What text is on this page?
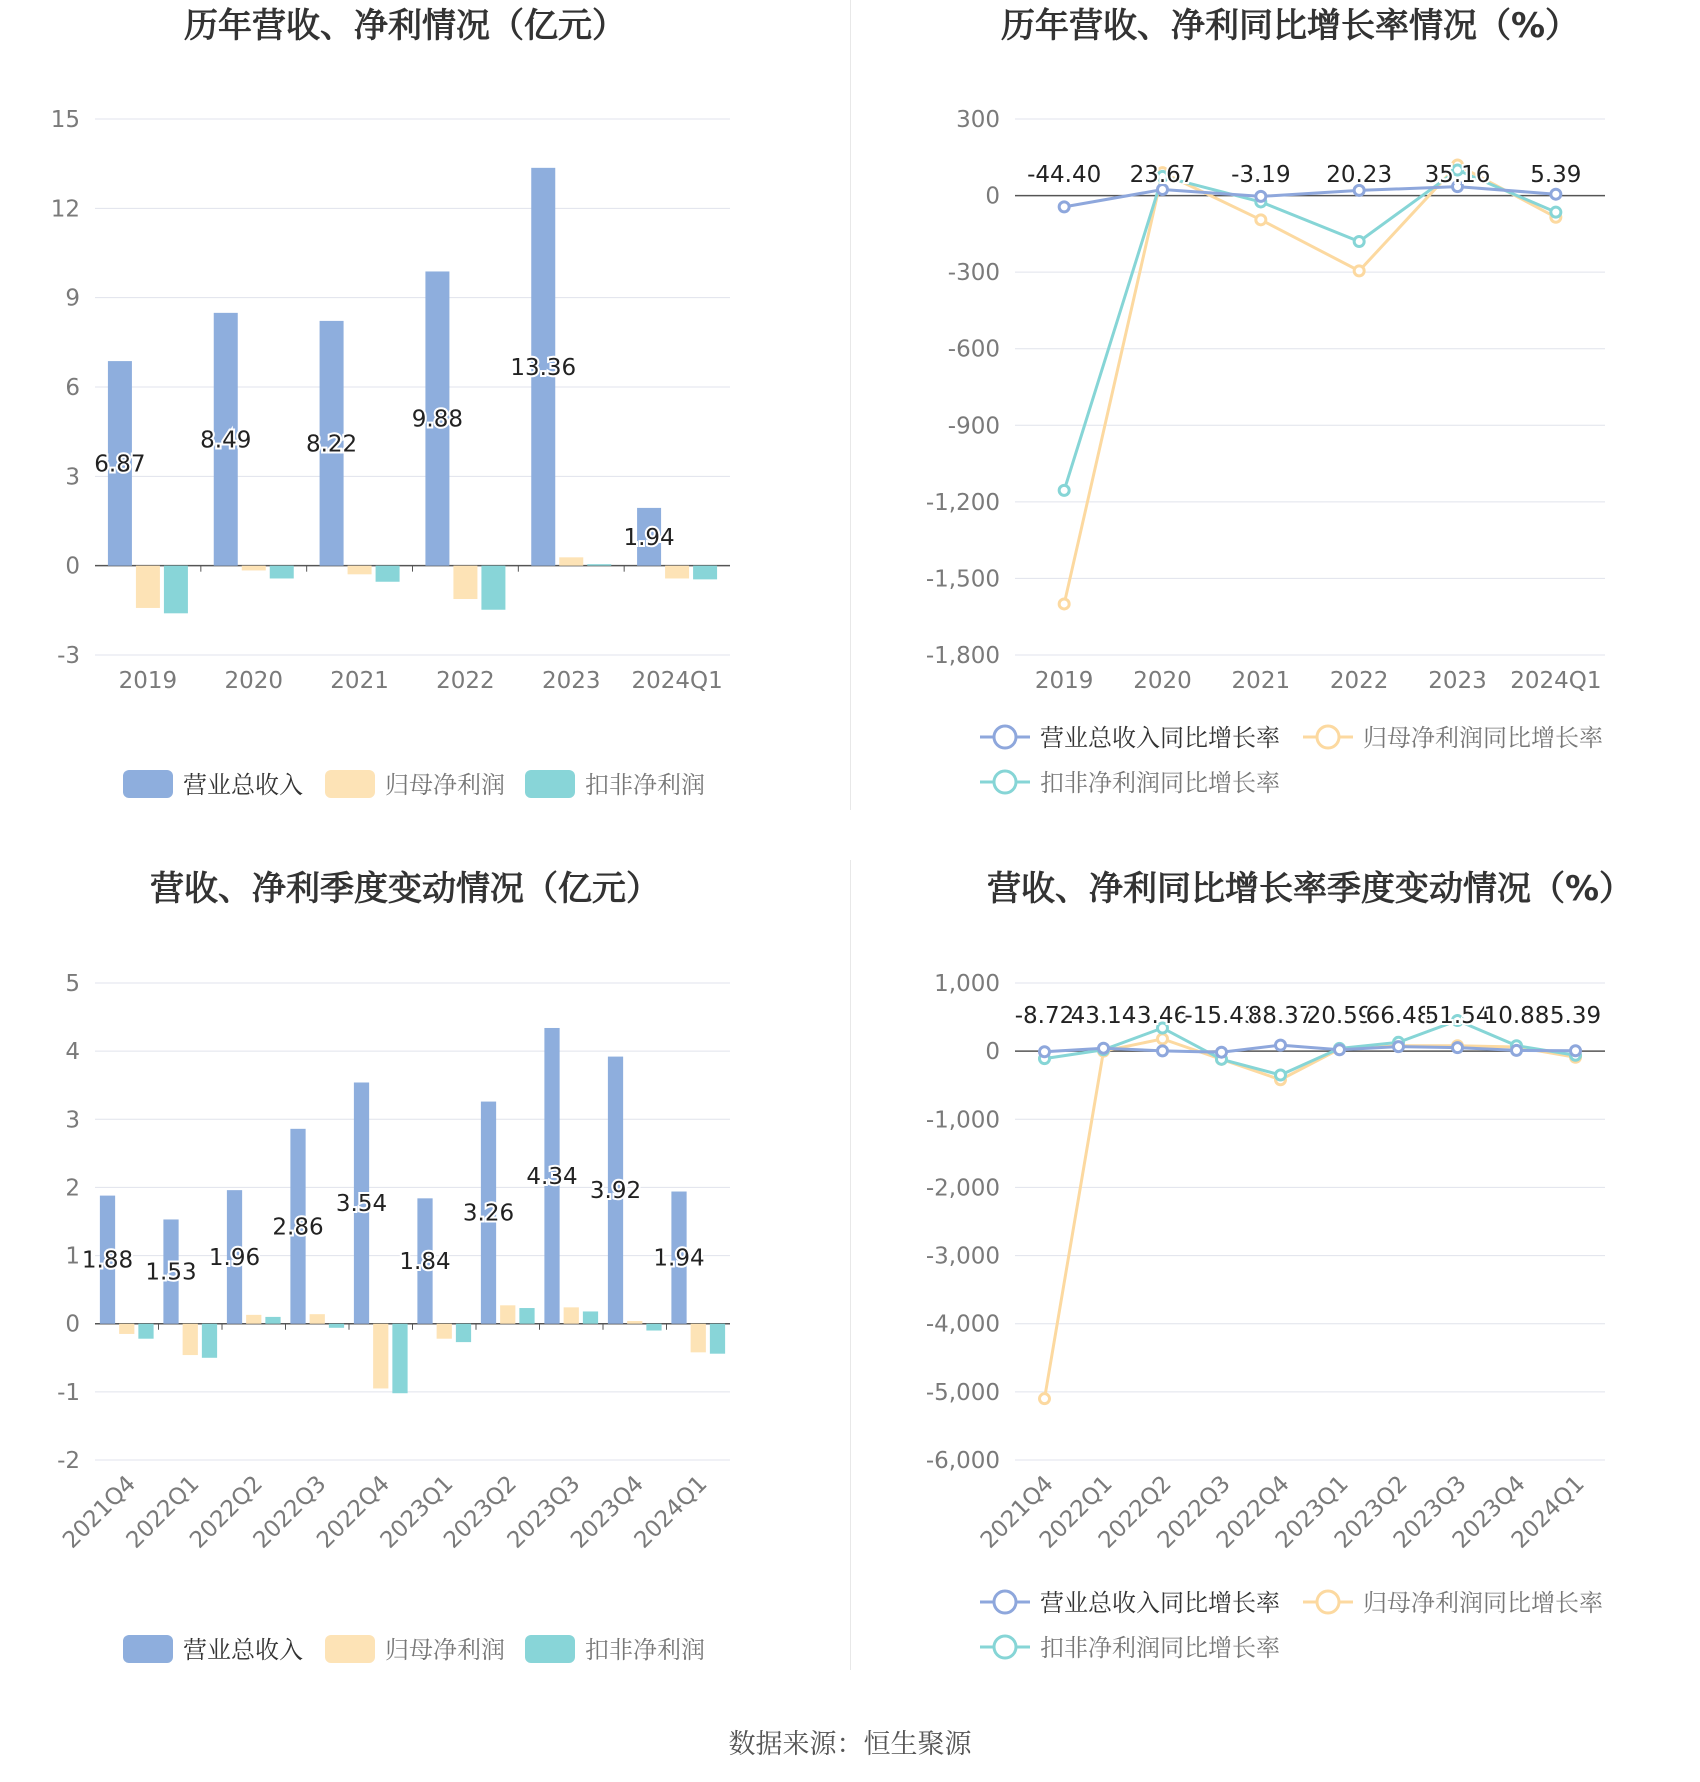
历年营收、净利情况（亿元）
15
12
9
6
3
0
-3
2019 2020 2021 2022 2023 2024Q1
6.87
8.49 8.22
9.88
13.36
1.94
营业总收入	归母净利润	扣非净利润
历年营收、净利同比增长率情况（%）
300
0
-300
-600
-900
-1,200
-1,500
-1,800
2019 2020 2021 2022 2023 2024Q1
-44.40 23.67 -3.19 20.23 35.16 5.39
营业总收入同比增长率	归母净利润同比增长率
扣非净利润同比增长率
营收、净利季度变动情况（亿元）
5
4
3
2
1
0
-1
-2
2021Q4
2022Q1
2022Q2
2022Q3
2022Q4
2023Q1
2023Q2
2023Q3
2023Q4
2024Q1
1.88 1.53
1.96
2.86
3.54
1.84
3.26
4.34
3.92
1.94
营业总收入	归母净利润	扣非净利润
营收、净利同比增长率季度变动情况（%）
1,000
0
-1,000
-2,000
-3,000
-4,000
-5,000
-6,000
2021Q4
2022Q1
2022Q2
2022Q3
2022Q4
2023Q1
2023Q2
2023Q3
2023Q4
2024Q1
-8.72
43.14 3.46
-15.43
88.37
20.59
66.48
51.54
10.88 5.39
营业总收入同比增长率	归母净利润同比增长率
扣非净利润同比增长率
数据来源：恒生聚源
